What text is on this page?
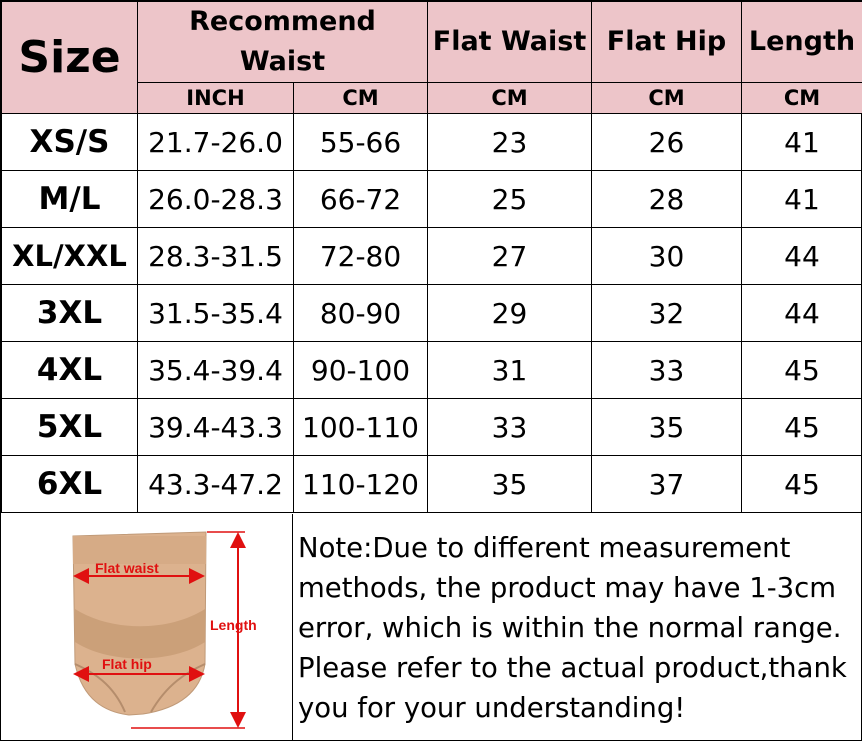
Size	Recommend Waist		Flat Waist	Flat Hip	Length
	INCH	CM	CM	CM	CM
XS/S	21.7-26.0	55-66	23	26	41
M/L	26.0-28.3	66-72	25	28	41
XL/XXL	28.3-31.5	72-80	27	30	44
3XL	31.5-35.4	80-90	29	32	44
4XL	35.4-39.4	90-100	31	33	45
5XL	39.4-43.3	100-110	33	35	45
6XL	43.3-47.2	110-120	35	37	45
Flat waist
Flat hip
Length
Note:Due to different measurement methods, the product may have 1-3cm error, which is within the normal range. Please refer to the actual product,thank you for your understanding!
